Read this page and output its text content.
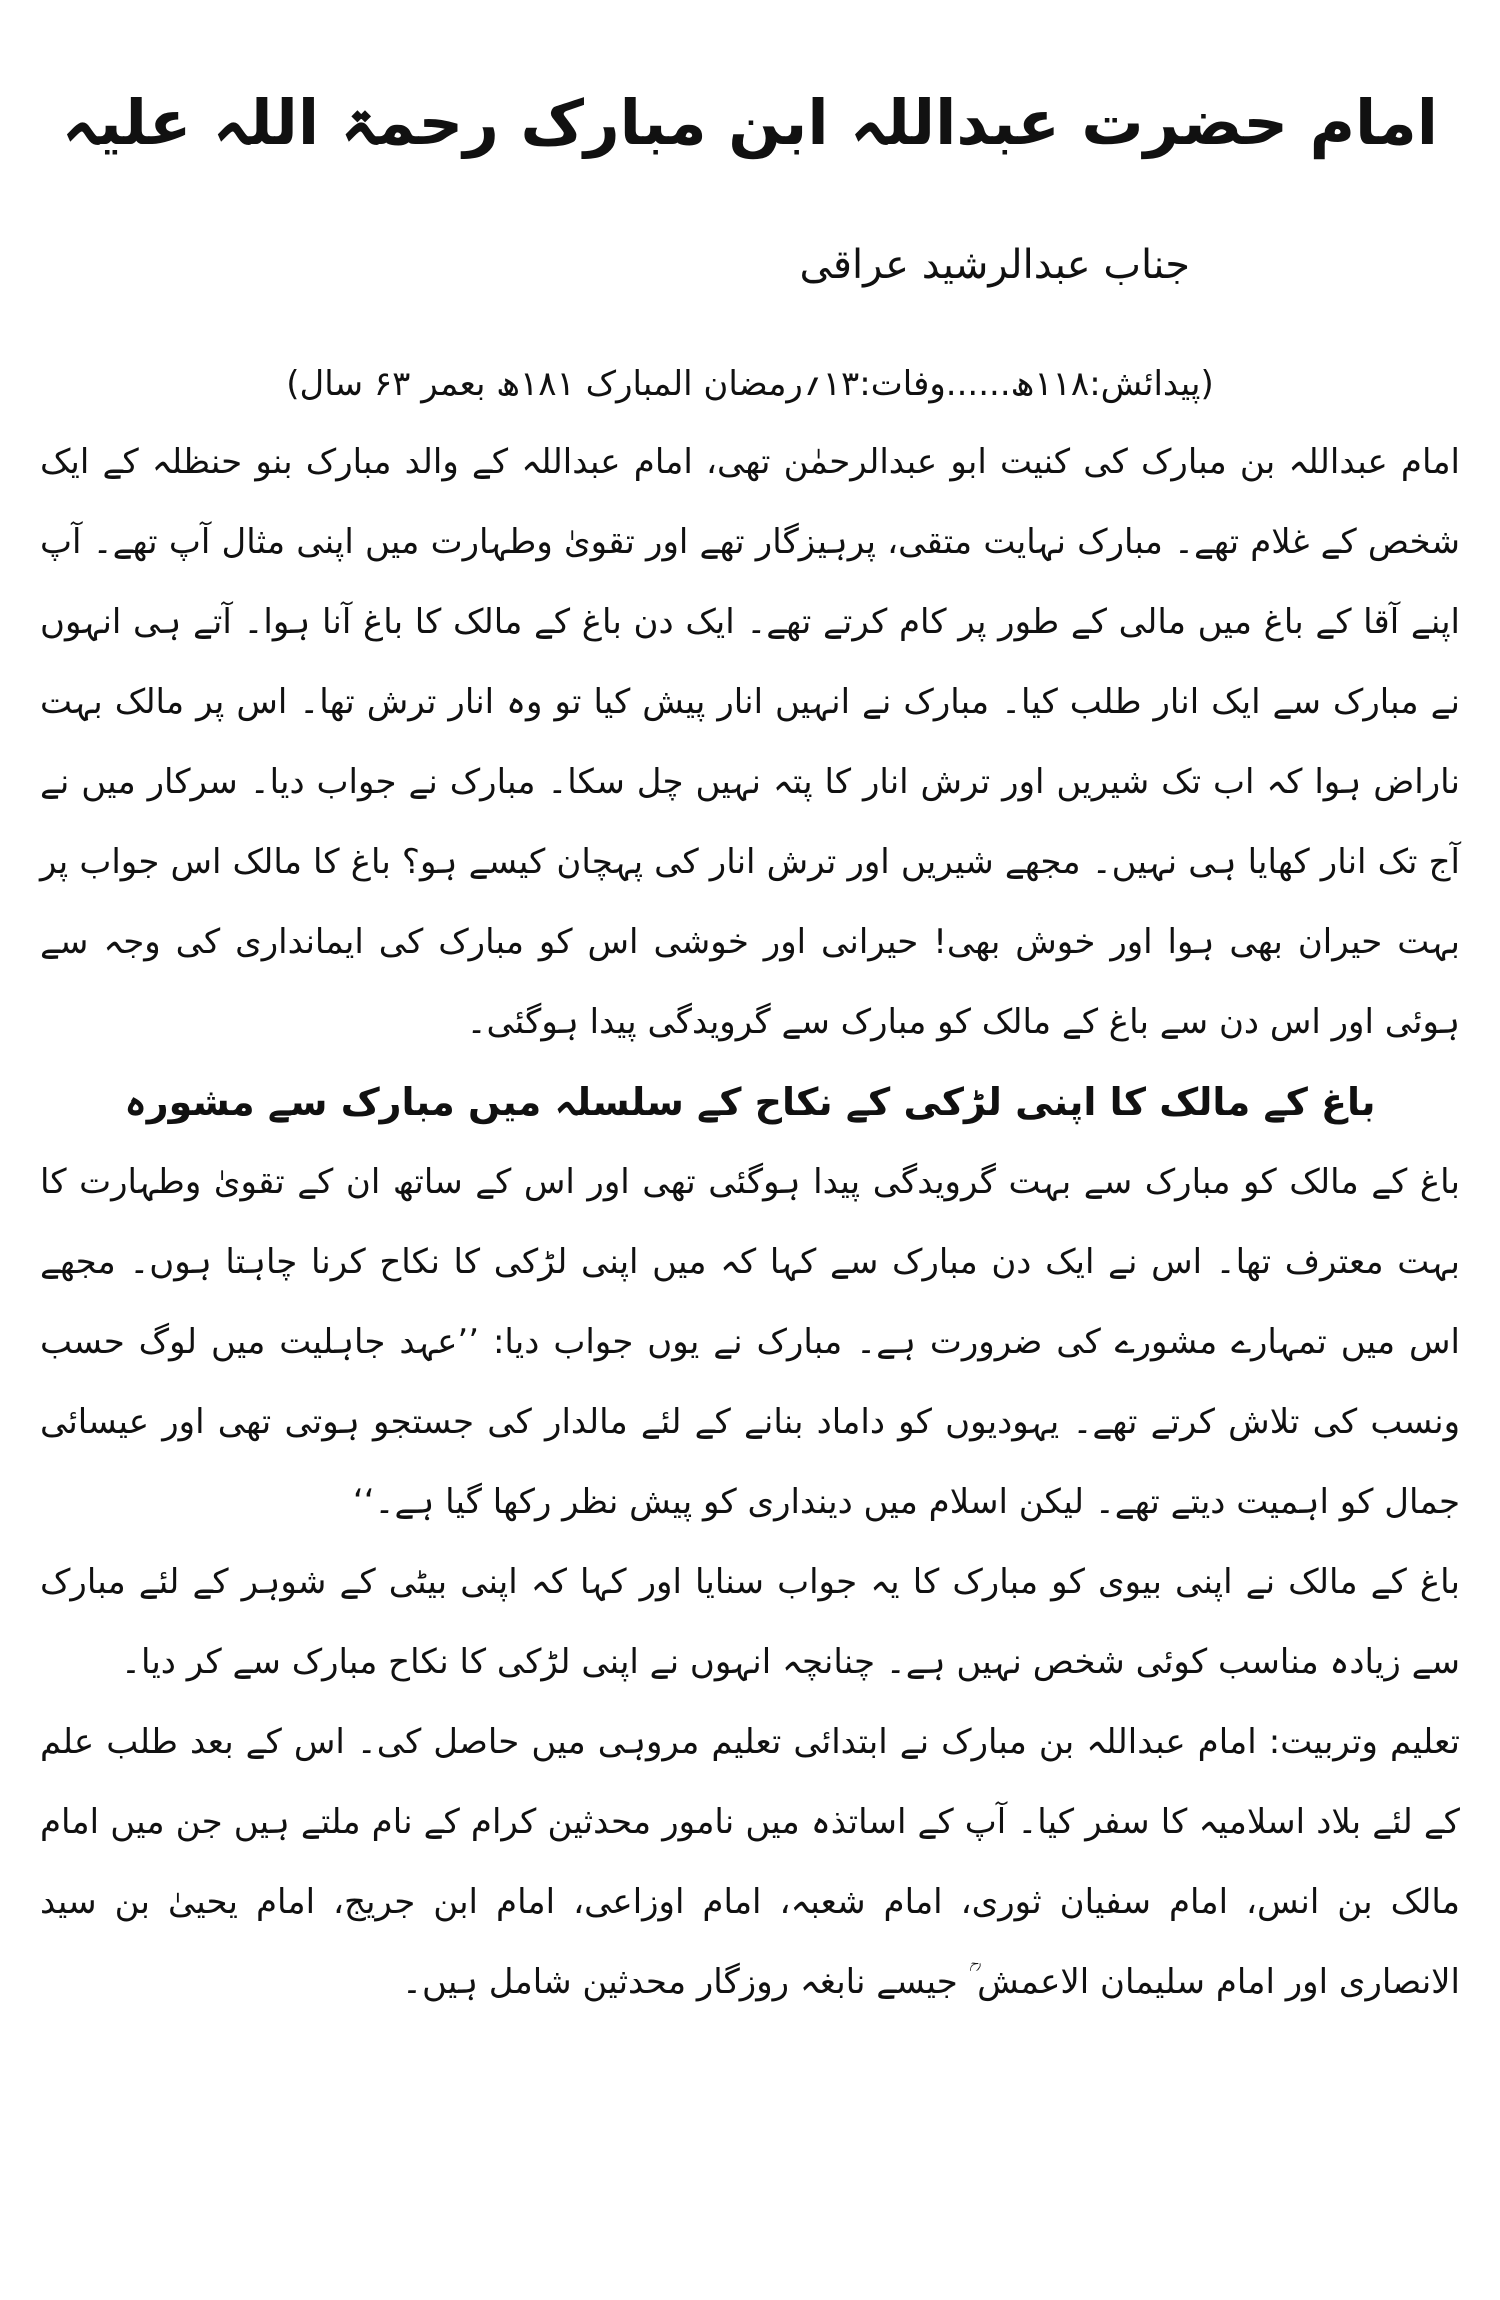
امام حضرت عبداللہ ابن مبارک رحمۃ اللہ علیہ
جناب عبدالرشید عراقی
(پیدائش:۱۱۸ھ......وفات:۱۳؍رمضان المبارک ۱۸۱ھ بعمر ۶۳ سال)

امام عبداللہ بن مبارک کی کنیت ابو عبدالرحمٰن تھی، امام عبداللہ کے والد مبارک بنو حنظلہ کے ایک شخص کے غلام تھے۔ مبارک نہایت متقی، پرہیزگار تھے اور تقویٰ وطہارت میں اپنی مثال آپ تھے۔ آپ اپنے آقا کے باغ میں مالی کے طور پر کام کرتے تھے۔ ایک دن باغ کے مالک کا باغ آنا ہوا۔ آتے ہی انہوں نے مبارک سے ایک انار طلب کیا۔ مبارک نے انہیں انار پیش کیا تو وہ انار ترش تھا۔ اس پر مالک بہت ناراض ہوا کہ اب تک شیریں اور ترش انار کا پتہ نہیں چل سکا۔ مبارک نے جواب دیا۔ سرکار میں نے آج تک انار کھایا ہی نہیں۔ مجھے شیریں اور ترش انار کی پہچان کیسے ہو؟ باغ کا مالک اس جواب پر بہت حیران بھی ہوا اور خوش بھی! حیرانی اور خوشی اس کو مبارک کی ایمانداری کی وجہ سے ہوئی اور اس دن سے باغ کے مالک کو مبارک سے گرویدگی پیدا ہوگئی۔

باغ کے مالک کا اپنی لڑکی کے نکاح کے سلسلہ میں مبارک سے مشورہ

باغ کے مالک کو مبارک سے بہت گرویدگی پیدا ہوگئی تھی اور اس کے ساتھ ان کے تقویٰ وطہارت کا بہت معترف تھا۔ اس نے ایک دن مبارک سے کہا کہ میں اپنی لڑکی کا نکاح کرنا چاہتا ہوں۔ مجھے اس میں تمہارے مشورے کی ضرورت ہے۔ مبارک نے یوں جواب دیا: ’’عہد جاہلیت میں لوگ حسب ونسب کی تلاش کرتے تھے۔ یہودیوں کو داماد بنانے کے لئے مالدار کی جستجو ہوتی تھی اور عیسائی جمال کو اہمیت دیتے تھے۔ لیکن اسلام میں دینداری کو پیش نظر رکھا گیا ہے۔‘‘

باغ کے مالک نے اپنی بیوی کو مبارک کا یہ جواب سنایا اور کہا کہ اپنی بیٹی کے شوہر کے لئے مبارک سے زیادہ مناسب کوئی شخص نہیں ہے۔ چنانچہ انہوں نے اپنی لڑکی کا نکاح مبارک سے کر دیا۔

تعلیم وتربیت: امام عبداللہ بن مبارک نے ابتدائی تعلیم مروہی میں حاصل کی۔ اس کے بعد طلب علم کے لئے بلاد اسلامیہ کا سفر کیا۔ آپ کے اساتذہ میں نامور محدثین کرام کے نام ملتے ہیں جن میں امام مالک بن انس، امام سفیان ثوری، امام شعبہ، امام اوزاعی، امام ابن جریج، امام یحییٰ بن سید الانصاری اور امام سلیمان الاعمش ؒ جیسے نابغہ روزگار محدثین شامل ہیں۔
